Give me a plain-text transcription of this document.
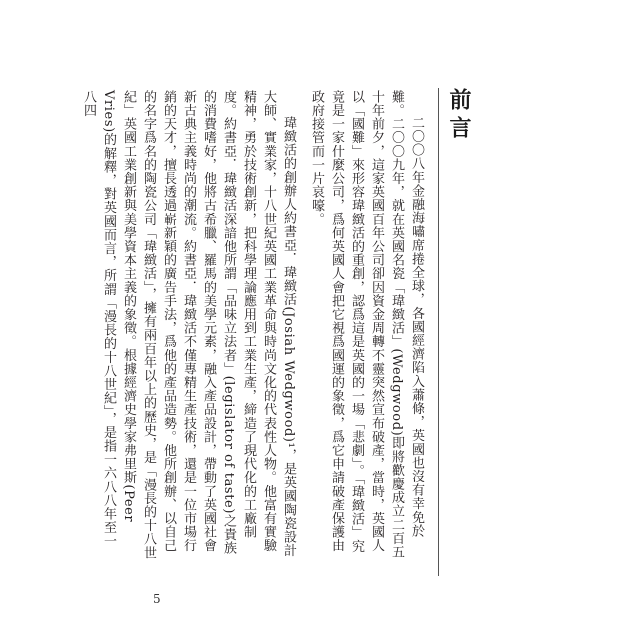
前言

二〇〇八年金融海嘯席捲全球，各國經濟陷入蕭條，英國也沒有幸免於難。二〇〇九年，就在英國名瓷「瑋緻活」(Wedgwood)即將歡慶成立二百五十年前夕，這家英國百年公司卻因資金周轉不靈突然宣布破產，當時，英國人以「國難」來形容瑋緻活的重創，認爲這是英國的一場「悲劇」。「瑋緻活」究竟是一家什麼公司，爲何英國人會把它視爲國運的象徵，爲它申請破產保護由政府接管而一片哀嚎。

瑋緻活的創辦人約書亞．瑋緻活(Josiah Wedgwood)¹，是英國陶瓷設計大師、實業家，十八世紀英國工業革命與時尚文化的代表性人物。他富有實驗精神，勇於技術創新，把科學理論應用到工業生產，締造了現代化的工廠制度。約書亞．瑋緻活深諳他所謂「品味立法者」(legislator of taste)之貴族的消費嗜好，他將古希臘、羅馬的美學元素，融入產品設計，帶動了英國社會新古典主義時尚的潮流。約書亞．瑋緻活不僅專精生產技術，還是一位市場行銷的天才，擅長透過嶄新穎的廣告手法，爲他的產品造勢。他所創辦、以自己的名字爲名的陶瓷公司「瑋緻活」，擁有兩百年以上的歷史，是「漫長的十八世紀」英國工業創新與美學資本主義的象徵。根據經濟史學家弗里斯(Peer Vries)的解釋，對英國而言，所謂「漫長的十八世紀」，是指一六八八年至一八四

5
